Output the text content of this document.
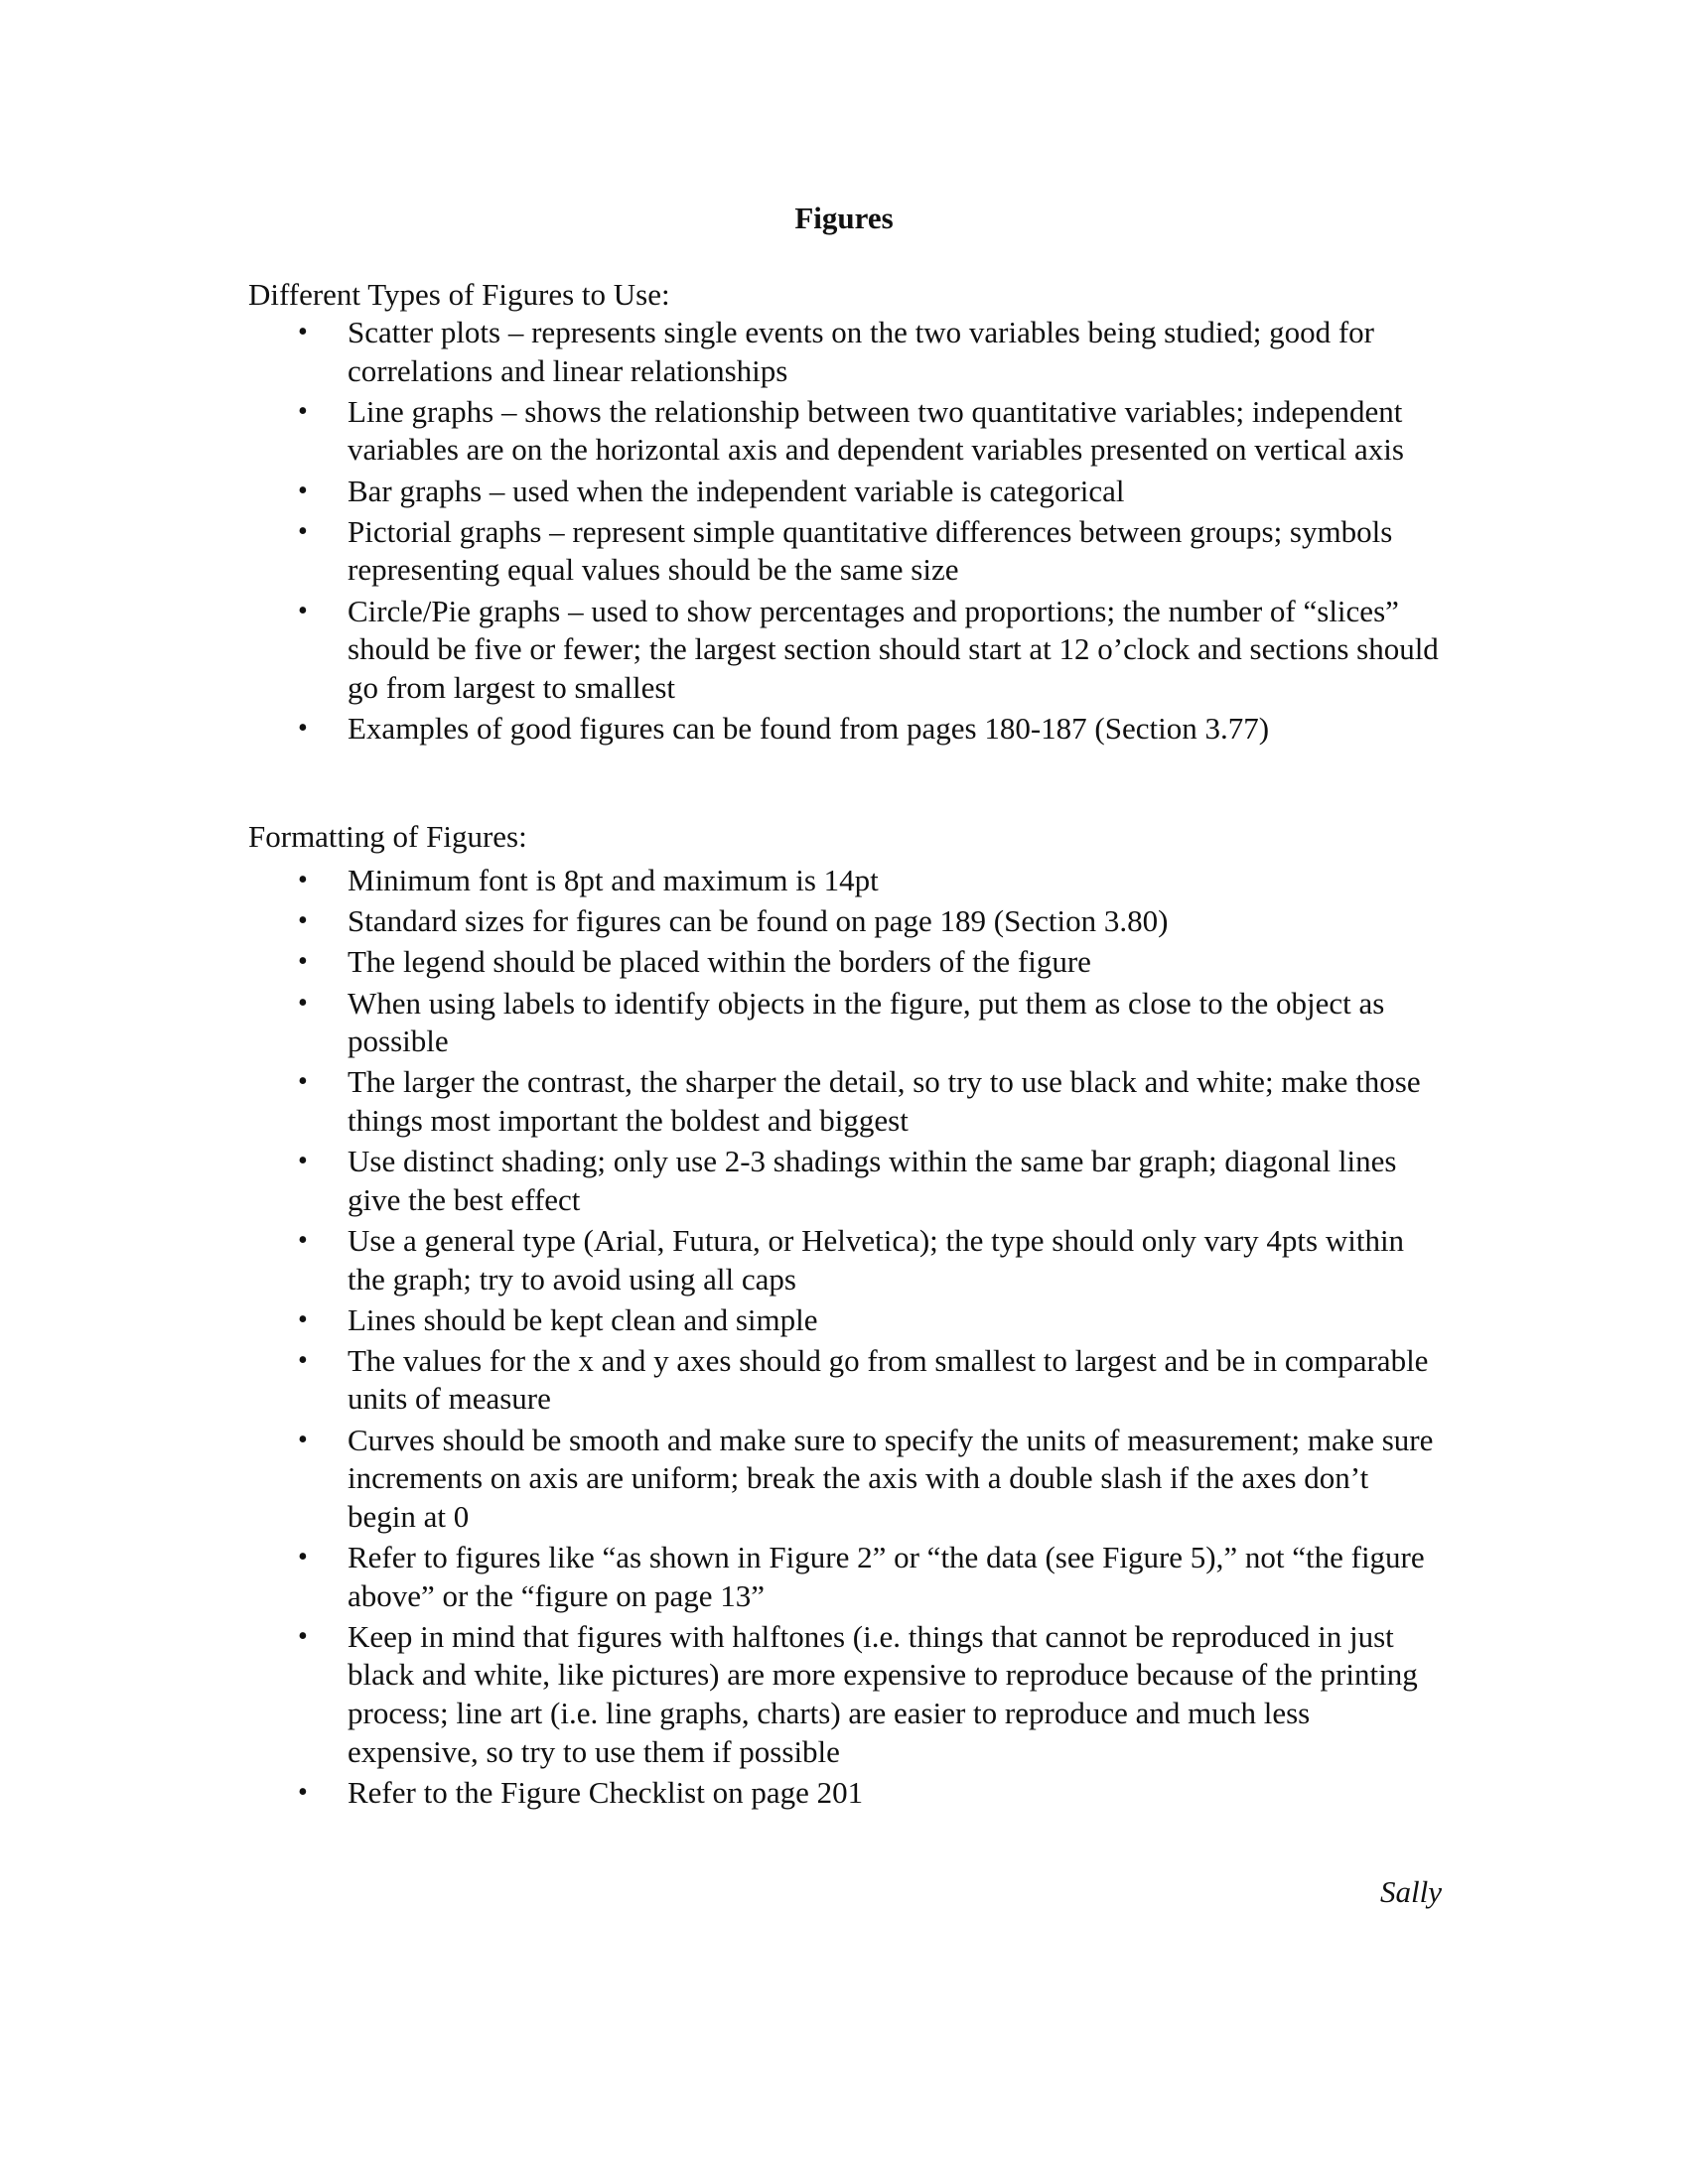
Figures
Different Types of Figures to Use:
• Scatter plots – represents single events on the two variables being studied; good for correlations and linear relationships
• Line graphs – shows the relationship between two quantitative variables; independent variables are on the horizontal axis and dependent variables presented on vertical axis
• Bar graphs – used when the independent variable is categorical
• Pictorial graphs – represent simple quantitative differences between groups; symbols representing equal values should be the same size
• Circle/Pie graphs – used to show percentages and proportions; the number of “slices” should be five or fewer; the largest section should start at 12 o’clock and sections should go from largest to smallest
• Examples of good figures can be found from pages 180-187 (Section 3.77)
Formatting of Figures:
• Minimum font is 8pt and maximum is 14pt
• Standard sizes for figures can be found on page 189 (Section 3.80)
• The legend should be placed within the borders of the figure
• When using labels to identify objects in the figure, put them as close to the object as possible
• The larger the contrast, the sharper the detail, so try to use black and white; make those things most important the boldest and biggest
• Use distinct shading; only use 2-3 shadings within the same bar graph; diagonal lines give the best effect
• Use a general type (Arial, Futura, or Helvetica); the type should only vary 4pts within the graph; try to avoid using all caps
• Lines should be kept clean and simple
• The values for the x and y axes should go from smallest to largest and be in comparable units of measure
• Curves should be smooth and make sure to specify the units of measurement; make sure increments on axis are uniform; break the axis with a double slash if the axes don’t begin at 0
• Refer to figures like “as shown in Figure 2” or “the data (see Figure 5),” not “the figure above” or the “figure on page 13”
• Keep in mind that figures with halftones (i.e. things that cannot be reproduced in just black and white, like pictures) are more expensive to reproduce because of the printing process; line art (i.e. line graphs, charts) are easier to reproduce and much less expensive, so try to use them if possible
• Refer to the Figure Checklist on page 201
Sally
